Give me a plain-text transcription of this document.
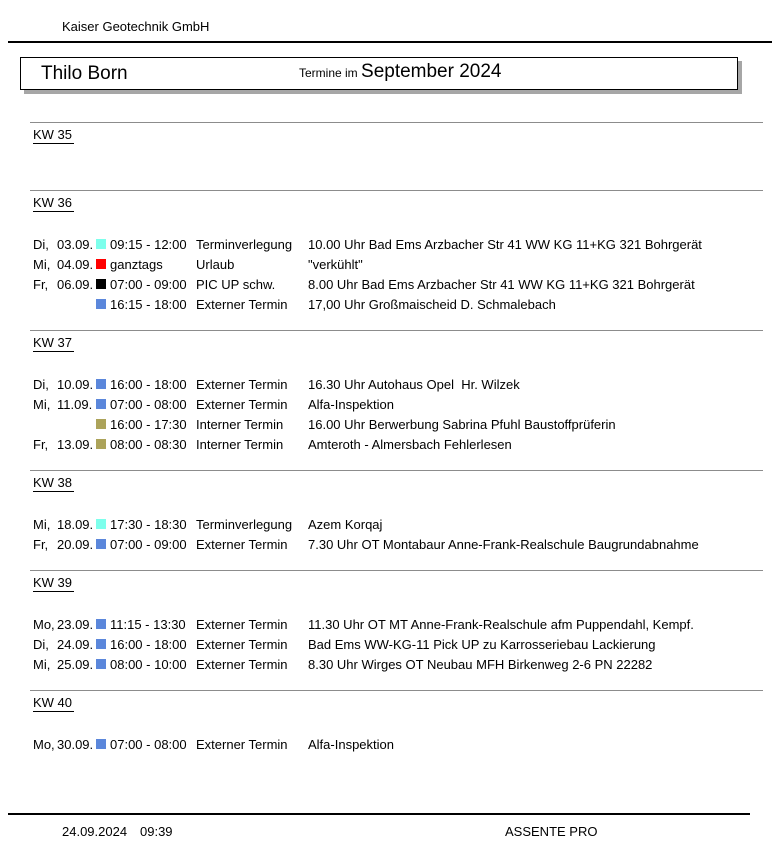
Kaiser Geotechnik GmbH
Thilo Born	Termine im September 2024
KW 35
KW 36
Di, 03.09. 09:15 - 12:00 Terminverlegung	10.00 Uhr Bad Ems Arzbacher Str 41 WW KG 11+KG 321 Bohrgerät
Mi, 04.09. ganztags	Urlaub	"verkühlt"
Fr, 06.09. 07:00 - 09:00 PIC UP schw.	8.00 Uhr Bad Ems Arzbacher Str 41 WW KG 11+KG 321 Bohrgerät
16:15 - 18:00 Externer Termin	17,00 Uhr Großmaischeid D. Schmalebach
KW 37
Di, 10.09. 16:00 - 18:00 Externer Termin	16.30 Uhr Autohaus Opel  Hr. Wilzek
Mi, 11.09. 07:00 - 08:00 Externer Termin	Alfa-Inspektion
16:00 - 17:30 Interner Termin	16.00 Uhr Berwerbung Sabrina Pfuhl Baustoffprüferin
Fr, 13.09. 08:00 - 08:30 Interner Termin	Amteroth - Almersbach Fehlerlesen
KW 38
Mi, 18.09. 17:30 - 18:30 Terminverlegung	Azem Korqaj
Fr, 20.09. 07:00 - 09:00 Externer Termin	7.30 Uhr OT Montabaur Anne-Frank-Realschule Baugrundabnahme
KW 39
Mo, 23.09. 11:15 - 13:30 Externer Termin	11.30 Uhr OT MT Anne-Frank-Realschule afm Puppendahl, Kempf.
Di, 24.09. 16:00 - 18:00 Externer Termin	Bad Ems WW-KG-11 Pick UP zu Karrosseriebau Lackierung
Mi, 25.09. 08:00 - 10:00 Externer Termin	8.30 Uhr Wirges OT Neubau MFH Birkenweg 2-6 PN 22282
KW 40
Mo, 30.09. 07:00 - 08:00 Externer Termin	Alfa-Inspektion
24.09.2024 09:39	ASSENTE PRO
